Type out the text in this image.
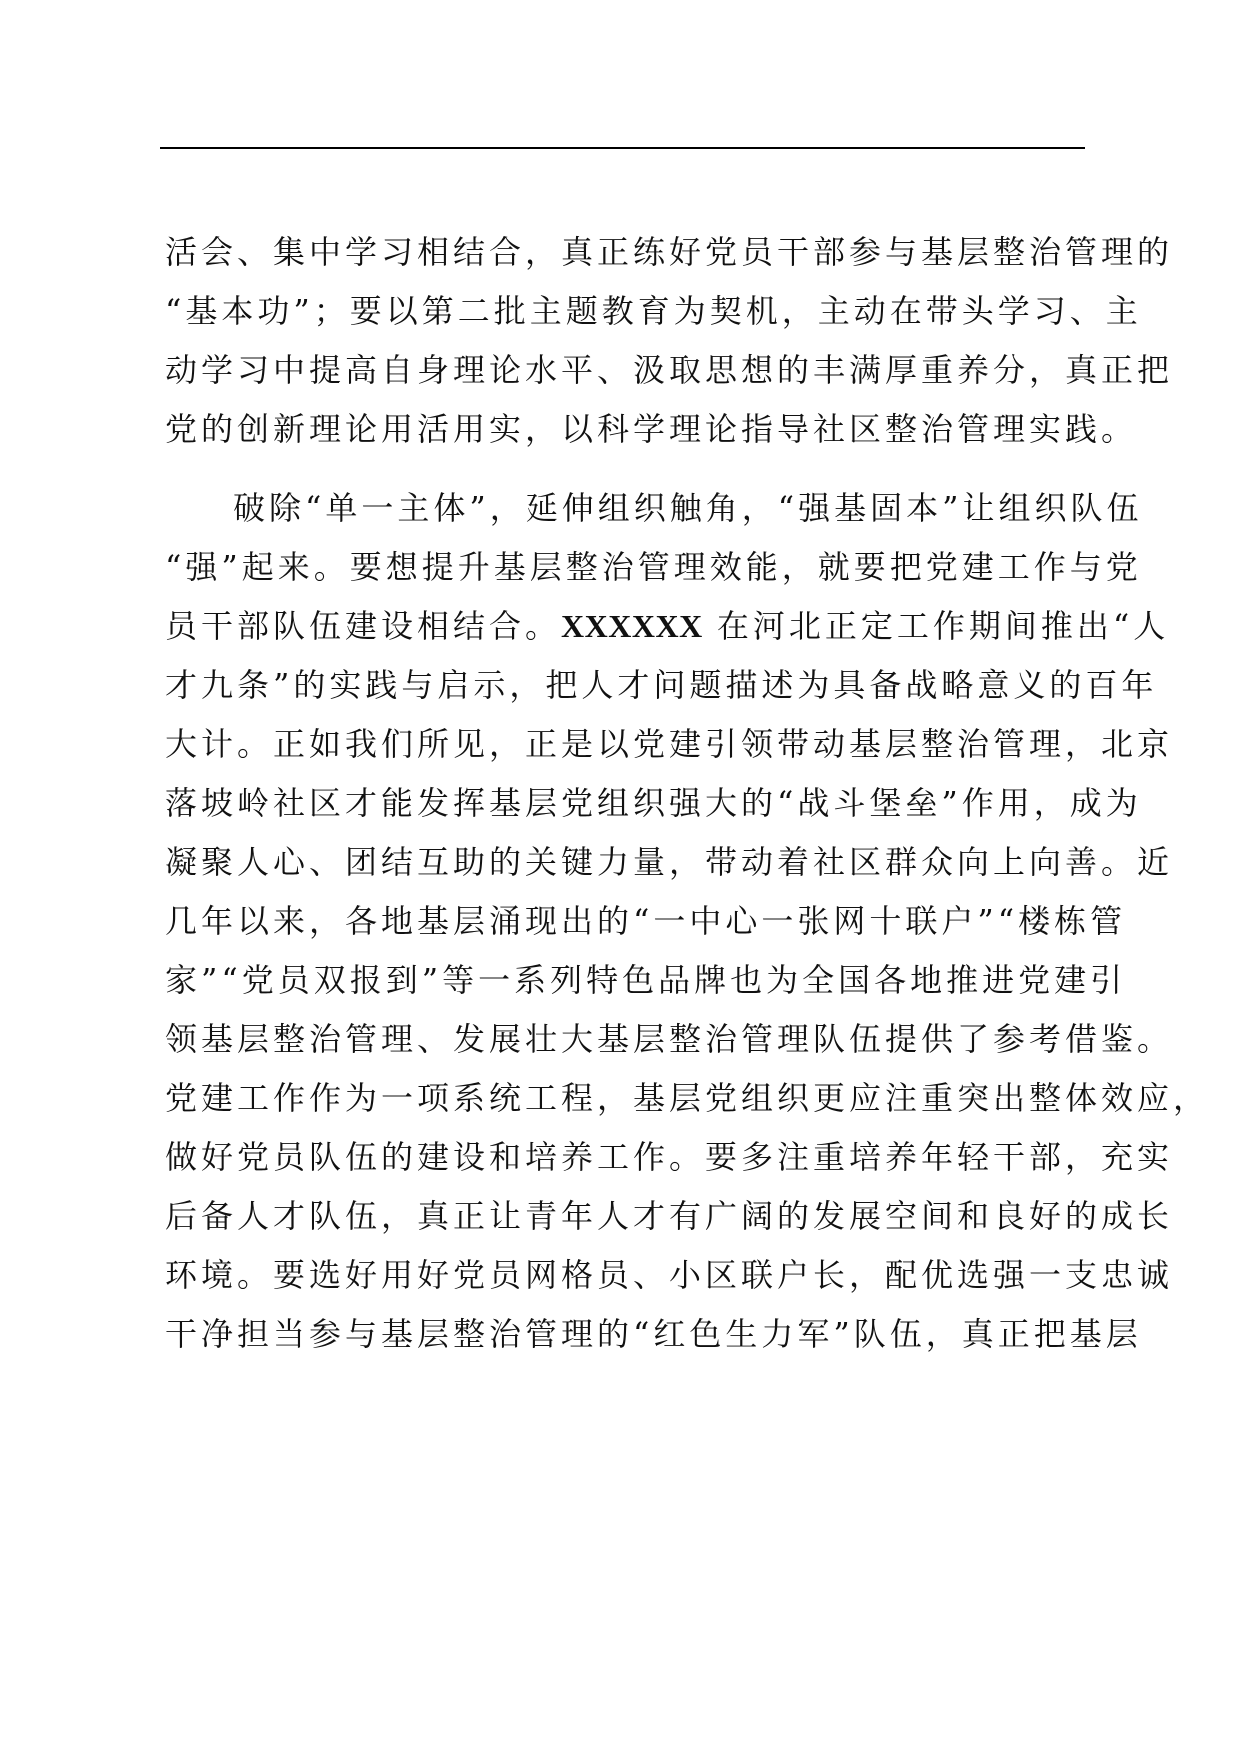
活会、集中学习相结合，真正练好党员干部参与基层整治管理的

“基本功”；要以第二批主题教育为契机，主动在带头学习、主

动学习中提高自身理论水平、汲取思想的丰满厚重养分，真正把

党的创新理论用活用实，以科学理论指导社区整治管理实践。

破除“单一主体”，延伸组织触角，“强基固本”让组织队伍

“强”起来。要想提升基层整治管理效能，就要把党建工作与党

员干部队伍建设相结合。XXXXXX 在河北正定工作期间推出“人

才九条”的实践与启示，把人才问题描述为具备战略意义的百年

大计。正如我们所见，正是以党建引领带动基层整治管理，北京

落坡岭社区才能发挥基层党组织强大的“战斗堡垒”作用，成为

凝聚人心、团结互助的关键力量，带动着社区群众向上向善。近

几年以来，各地基层涌现出的“一中心一张网十联户”“楼栋管

家”“党员双报到”等一系列特色品牌也为全国各地推进党建引

领基层整治管理、发展壮大基层整治管理队伍提供了参考借鉴。

党建工作作为一项系统工程，基层党组织更应注重突出整体效应，

做好党员队伍的建设和培养工作。要多注重培养年轻干部，充实

后备人才队伍，真正让青年人才有广阔的发展空间和良好的成长

环境。要选好用好党员网格员、小区联户长，配优选强一支忠诚

干净担当参与基层整治管理的“红色生力军”队伍，真正把基层
